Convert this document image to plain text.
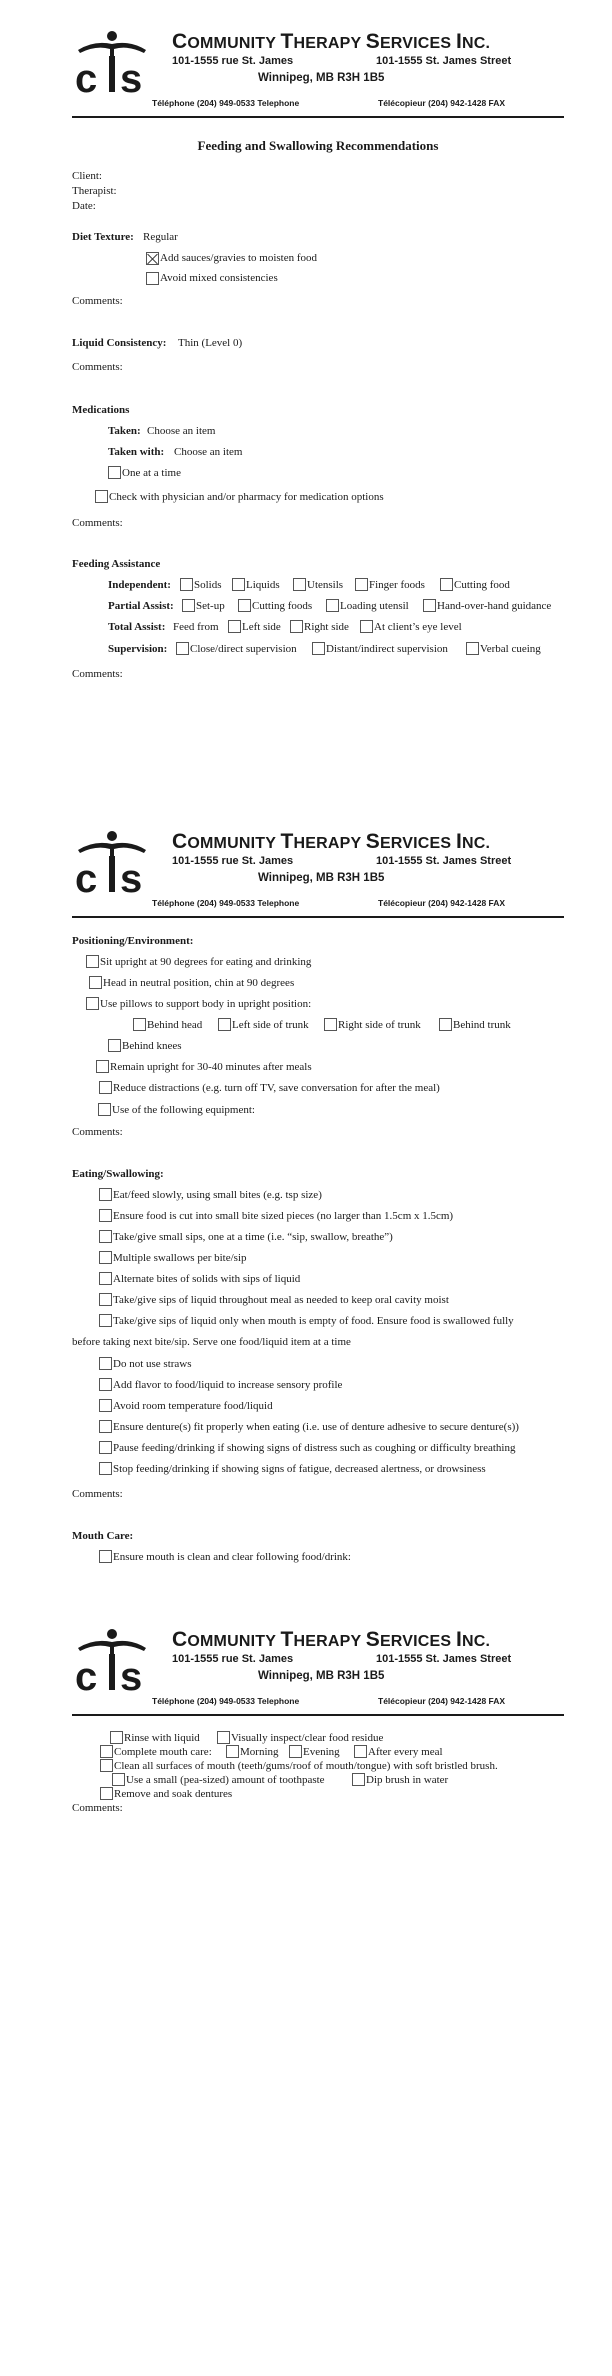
c s
COMMUNITY THERAPY SERVICES INC.
101-1555 rue St. James	101-1555 St. James Street
Winnipeg, MB R3H 1B5
Téléphone (204) 949-0533 Telephone	Télécopieur (204) 942-1428 FAX
Feeding and Swallowing Recommendations
Client:
Therapist:
Date:
Diet Texture: Regular
Add sauces/gravies to moisten food
Avoid mixed consistencies
Comments:
Liquid Consistency: Thin (Level 0)
Comments:
Medications
Taken: Choose an item
Taken with: Choose an item
One at a time
Check with physician and/or pharmacy for medication options
Comments:
Feeding Assistance
Independent: Solids Liquids Utensils Finger foods	Cutting food
Partial Assist: Set-up Cutting foods	Loading utensil	Hand-over-hand guidance
Total Assist: Feed from Left side Right side At client’s eye level
Supervision: Close/direct supervision	Distant/indirect supervision	Verbal cueing
Comments:
c s
COMMUNITY THERAPY SERVICES INC.
101-1555 rue St. James	101-1555 St. James Street
Winnipeg, MB R3H 1B5
Téléphone (204) 949-0533 Telephone	Télécopieur (204) 942-1428 FAX
Positioning/Environment:
Sit upright at 90 degrees for eating and drinking
Head in neutral position, chin at 90 degrees
Use pillows to support body in upright position:
Behind head	Left side of trunk	Right side of trunk	Behind trunk
Behind knees
Remain upright for 30-40 minutes after meals
Reduce distractions (e.g. turn off TV, save conversation for after the meal)
Use of the following equipment:
Comments:
Eating/Swallowing:
Eat/feed slowly, using small bites (e.g. tsp size)
Ensure food is cut into small bite sized pieces (no larger than 1.5cm x 1.5cm)
Take/give small sips, one at a time (i.e. “sip, swallow, breathe”)
Multiple swallows per bite/sip
Alternate bites of solids with sips of liquid
Take/give sips of liquid throughout meal as needed to keep oral cavity moist
Take/give sips of liquid only when mouth is empty of food. Ensure food is swallowed fully
before taking next bite/sip. Serve one food/liquid item at a time
Do not use straws
Add flavor to food/liquid to increase sensory profile
Avoid room temperature food/liquid
Ensure denture(s) fit properly when eating (i.e. use of denture adhesive to secure denture(s))
Pause feeding/drinking if showing signs of distress such as coughing or difficulty breathing
Stop feeding/drinking if showing signs of fatigue, decreased alertness, or drowsiness
Comments:
Mouth Care:
Ensure mouth is clean and clear following food/drink:
c s
COMMUNITY THERAPY SERVICES INC.
101-1555 rue St. James	101-1555 St. James Street
Winnipeg, MB R3H 1B5
Téléphone (204) 949-0533 Telephone	Télécopieur (204) 942-1428 FAX
Rinse with liquid	Visually inspect/clear food residue
Complete mouth care:	Morning Evening	After every meal
Clean all surfaces of mouth (teeth/gums/roof of mouth/tongue) with soft bristled brush.
Use a small (pea-sized) amount of toothpaste	Dip brush in water
Remove and soak dentures
Comments:
